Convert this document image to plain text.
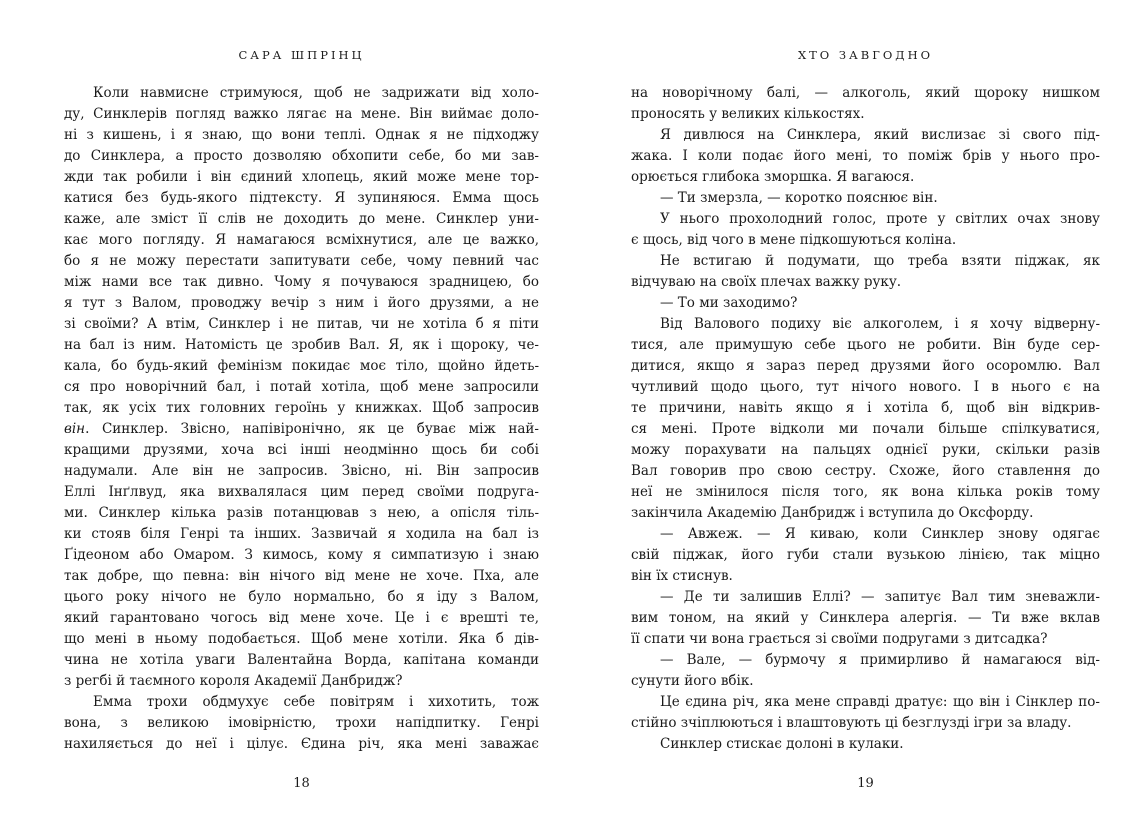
САРА ШПРІНЦ
Коли навмисне стримуюся, щоб не задрижати від холо-
ду, Синклерів погляд важко лягає на мене. Він виймає доло-
ні з кишень, і я знаю, що вони теплі. Однак я не підходжу
до Синклера, а просто дозволяю обхопити себе, бо ми зав-
жди так робили і він єдиний хлопець, який може мене тор-
катися без будь-якого підтексту. Я зупиняюся. Емма щось
каже, але зміст її слів не доходить до мене. Синклер уни-
кає мого погляду. Я намагаюся всміхнутися, але це важко,
бо я не можу перестати запитувати себе, чому певний час
між нами все так дивно. Чому я почуваюся зрадницею, бо
я тут з Валом, проводжу вечір з ним і його друзями, а не
зі своїми? А втім, Синклер і не питав, чи не хотіла б я піти
на бал із ним. Натомість це зробив Вал. Я, як і щороку, че-
кала, бо будь-який фемінізм покидає моє тіло, щойно йдеть-
ся про новорічний бал, і потай хотіла, щоб мене запросили
так, як усіх тих головних героїнь у книжках. Щоб запросив
він. Синклер. Звісно, напівіронічно, як це буває між най-
кращими друзями, хоча всі інші неодмінно щось би собі
надумали. Але він не запросив. Звісно, ні. Він запросив
Еллі Інґлвуд, яка вихвалялася цим перед своїми подруга-
ми. Синклер кілька разів потанцював з нею, а опісля тіль-
ки стояв біля Генрі та інших. Зазвичай я ходила на бал із
Ґідеоном або Омаром. З кимось, кому я симпатизую і знаю
так добре, що певна: він нічого від мене не хоче. Пха, але
цього року нічого не було нормально, бо я іду з Валом,
який гарантовано чогось від мене хоче. Це і є врешті те,
що мені в ньому подобається. Щоб мене хотіли. Яка б дів-
чина не хотіла уваги Валентайна Ворда, капітана команди
з регбі й таємного короля Академії Данбридж?
Емма трохи обдмухує себе повітрям і хихотить, тож
вона, з великою імовірністю, трохи напідпитку. Генрі
нахиляється до неї і цілує. Єдина річ, яка мені заважає
18
ХТО ЗАВГОДНО
на новорічному балі, — алкоголь, який щороку нишком
проносять у великих кількостях.
Я дивлюся на Синклера, який вислизає зі свого під-
жака. І коли подає його мені, то поміж брів у нього про-
орюється глибока зморшка. Я вагаюся.
— Ти змерзла, — коротко пояснює він.
У нього прохолодний голос, проте у світлих очах знову
є щось, від чого в мене підкошуються коліна.
Не встигаю й подумати, що треба взяти піджак, як
відчуваю на своїх плечах важку руку.
— То ми заходимо?
Від Валового подиху віє алкоголем, і я хочу відверну-
тися, але примушую себе цього не робити. Він буде сер-
дитися, якщо я зараз перед друзями його осоромлю. Вал
чутливий щодо цього, тут нічого нового. І в нього є на
те причини, навіть якщо я і хотіла б, щоб він відкрив-
ся мені. Проте відколи ми почали більше спілкуватися,
можу порахувати на пальцях однієї руки, скільки разів
Вал говорив про свою сестру. Схоже, його ставлення до
неї не змінилося після того, як вона кілька років тому
закінчила Академію Данбридж і вступила до Оксфорду.
— Авжеж. — Я киваю, коли Синклер знову одягає
свій піджак, його губи стали вузькою лінією, так міцно
він їх стиснув.
— Де ти залишив Еллі? — запитує Вал тим зневажли-
вим тоном, на який у Синклера алергія. — Ти вже вклав
її спати чи вона грається зі своїми подругами з дитсадка?
— Вале, — бурмочу я примирливо й намагаюся від-
сунути його вбік.
Це єдина річ, яка мене справді дратує: що він і Сінклер по-
стійно зчіплюються і влаштовують ці безглузді ігри за владу.
Синклер стискає долоні в кулаки.
19
